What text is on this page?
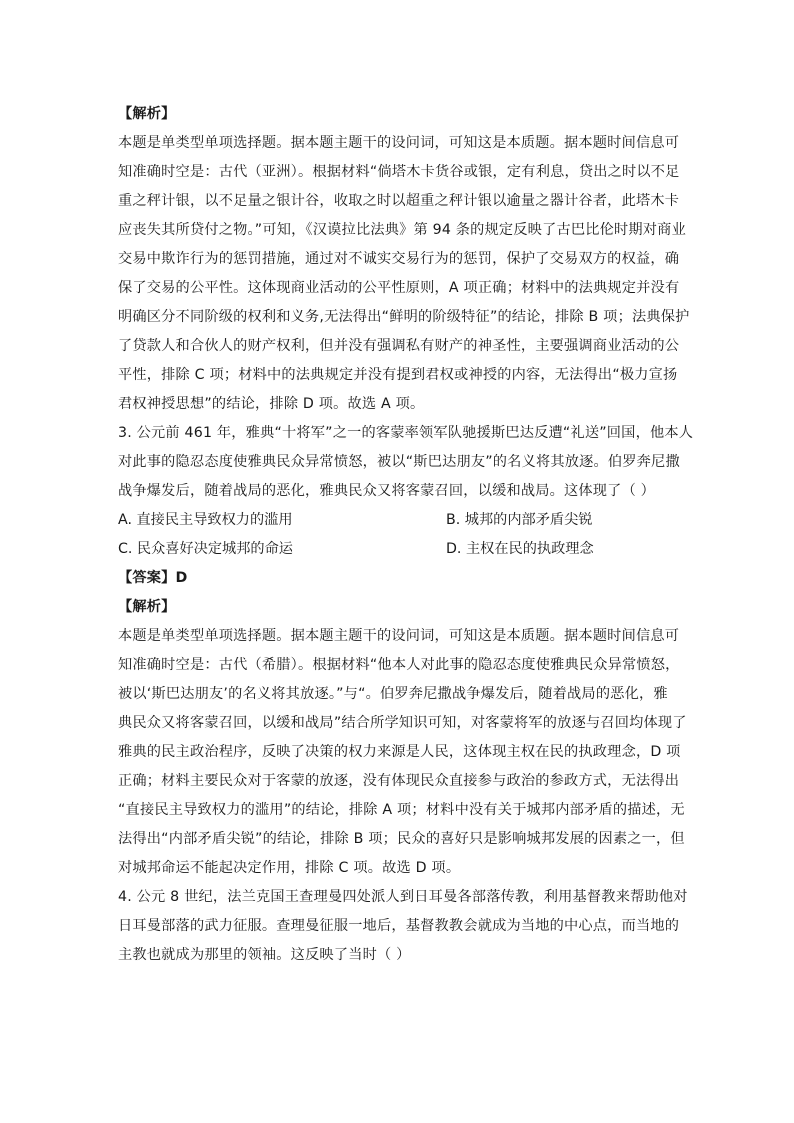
【解析】
本题是单类型单项选择题。据本题主题干的设问词，可知这是本质题。据本题时间信息可
知准确时空是：古代（亚洲）。根据材料“倘塔木卡货谷或银，定有利息，贷出之时以不足
重之秤计银，以不足量之银计谷，收取之时以超重之秤计银以逾量之器计谷者，此塔木卡
应丧失其所贷付之物。”可知，《汉谟拉比法典》第 94 条的规定反映了古巴比伦时期对商业
交易中欺诈行为的惩罚措施，通过对不诚实交易行为的惩罚，保护了交易双方的权益，确
保了交易的公平性。这体现商业活动的公平性原则，A 项正确；材料中的法典规定并没有
明确区分不同阶级的权利和义务,无法得出“鲜明的阶级特征”的结论，排除 B 项；法典保护
了贷款人和合伙人的财产权利，但并没有强调私有财产的神圣性，主要强调商业活动的公
平性，排除 C 项；材料中的法典规定并没有提到君权或神授的内容，无法得出“极力宣扬
君权神授思想”的结论，排除 D 项。故选 A 项。
3. 公元前 461 年，雅典“十将军”之一的客蒙率领军队驰援斯巴达反遭“礼送”回国，他本人
对此事的隐忍态度使雅典民众异常愤怒，被以“斯巴达朋友”的名义将其放逐。伯罗奔尼撒
战争爆发后，随着战局的恶化，雅典民众又将客蒙召回，以缓和战局。这体现了（ ）
A. 直接民主导致权力的滥用	B. 城邦的内部矛盾尖锐
C. 民众喜好决定城邦的命运	D. 主权在民的执政理念
【答案】D
【解析】
本题是单类型单项选择题。据本题主题干的设问词，可知这是本质题。据本题时间信息可
知准确时空是：古代（希腊）。根据材料“他本人对此事的隐忍态度使雅典民众异常愤怒，
被以‘斯巴达朋友’的名义将其放逐。”与“。伯罗奔尼撒战争爆发后，随着战局的恶化，雅
典民众又将客蒙召回，以缓和战局”结合所学知识可知，对客蒙将军的放逐与召回均体现了
雅典的民主政治程序，反映了决策的权力来源是人民，这体现主权在民的执政理念，D 项
正确；材料主要民众对于客蒙的放逐，没有体现民众直接参与政治的参政方式，无法得出
“直接民主导致权力的滥用”的结论，排除 A 项；材料中没有关于城邦内部矛盾的描述，无
法得出“内部矛盾尖锐”的结论，排除 B 项；民众的喜好只是影响城邦发展的因素之一，但
对城邦命运不能起决定作用，排除 C 项。故选 D 项。
4. 公元 8 世纪，法兰克国王查理曼四处派人到日耳曼各部落传教，利用基督教来帮助他对
日耳曼部落的武力征服。查理曼征服一地后，基督教教会就成为当地的中心点，而当地的
主教也就成为那里的领袖。这反映了当时（ ）
